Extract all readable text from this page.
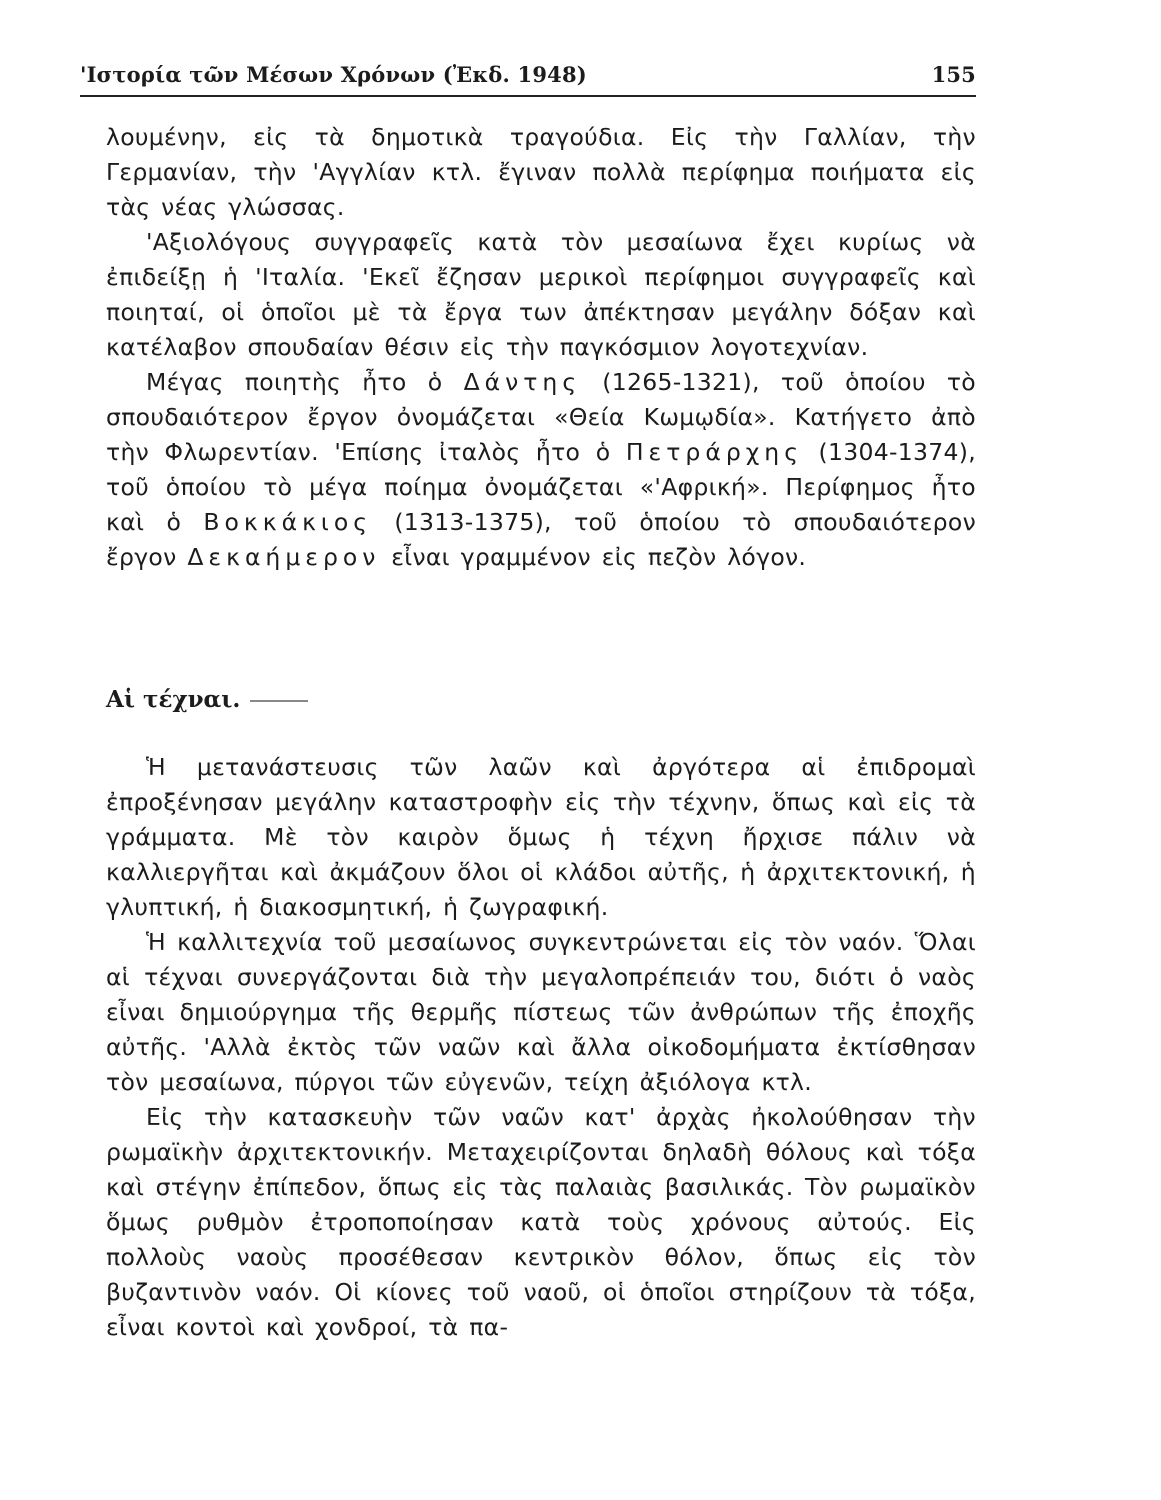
'Ιστορία τῶν Μέσων Χρόνων (Ἐκδ. 1948)	155

λουμένην, εἰς τὰ δημοτικὰ τραγούδια. Εἰς τὴν Γαλλίαν, τὴν Γερμανίαν, τὴν 'Αγγλίαν κτλ. ἔγιναν πολλὰ περίφημα ποιήματα εἰς τὰς νέας γλώσσας.

'Αξιολόγους συγγραφεῖς κατὰ τὸν μεσαίωνα ἔχει κυρίως νὰ ἐπιδείξῃ ἡ 'Ιταλία. 'Εκεῖ ἔζησαν μερικοὶ περίφημοι συγγραφεῖς καὶ ποιηταί, οἱ ὁποῖοι μὲ τὰ ἔργα των ἀπέκτησαν μεγάλην δόξαν καὶ κατέλαβον σπουδαίαν θέσιν εἰς τὴν παγκόσμιον λογοτεχνίαν.

Μέγας ποιητὴς ἦτο ὁ Δάντης (1265-1321), τοῦ ὁποίου τὸ σπουδαιότερον ἔργον ὀνομάζεται «Θεία Κωμῳδία». Κατήγετο ἀπὸ τὴν Φλωρεντίαν. 'Επίσης ἰταλὸς ἦτο ὁ Πετράρχης (1304-1374), τοῦ ὁποίου τὸ μέγα ποίημα ὀνομάζεται «'Αφρική». Περίφημος ἦτο καὶ ὁ Βοκκάκιος (1313-1375), τοῦ ὁποίου τὸ σπουδαιότερον ἔργον Δεκαήμερον εἶναι γραμμένον εἰς πεζὸν λόγον.

Αἱ τέχναι.

Ἡ μετανάστευσις τῶν λαῶν καὶ ἀργότερα αἱ ἐπιδρομαὶ ἐπροξένησαν μεγάλην καταστροφὴν εἰς τὴν τέχνην, ὅπως καὶ εἰς τὰ γράμματα. Μὲ τὸν καιρὸν ὅμως ἡ τέχνη ἤρχισε πάλιν νὰ καλλιεργῆται καὶ ἀκμάζουν ὅλοι οἱ κλάδοι αὐτῆς, ἡ ἀρχιτεκτονική, ἡ γλυπτική, ἡ διακοσμητική, ἡ ζωγραφική.

Ἡ καλλιτεχνία τοῦ μεσαίωνος συγκεντρώνεται εἰς τὸν ναόν. Ὅλαι αἱ τέχναι συνεργάζονται διὰ τὴν μεγαλοπρέπειάν του, διότι ὁ ναὸς εἶναι δημιούργημα τῆς θερμῆς πίστεως τῶν ἀνθρώπων τῆς ἐποχῆς αὐτῆς. 'Αλλὰ ἐκτὸς τῶν ναῶν καὶ ἄλλα οἰκοδομήματα ἐκτίσθησαν τὸν μεσαίωνα, πύργοι τῶν εὐγενῶν, τείχη ἀξιόλογα κτλ.

Εἰς τὴν κατασκευὴν τῶν ναῶν κατ' ἀρχὰς ἠκολούθησαν τὴν ρωμαϊκὴν ἀρχιτεκτονικήν. Μεταχειρίζονται δηλαδὴ θόλους καὶ τόξα καὶ στέγην ἐπίπεδον, ὅπως εἰς τὰς παλαιὰς βασιλικάς. Τὸν ρωμαϊκὸν ὅμως ρυθμὸν ἐτροποποίησαν κατὰ τοὺς χρόνους αὐτούς. Εἰς πολλοὺς ναοὺς προσέθεσαν κεντρικὸν θόλον, ὅπως εἰς τὸν βυζαντινὸν ναόν. Οἱ κίονες τοῦ ναοῦ, οἱ ὁποῖοι στηρίζουν τὰ τόξα, εἶναι κοντοὶ καὶ χονδροί, τὰ πα-
